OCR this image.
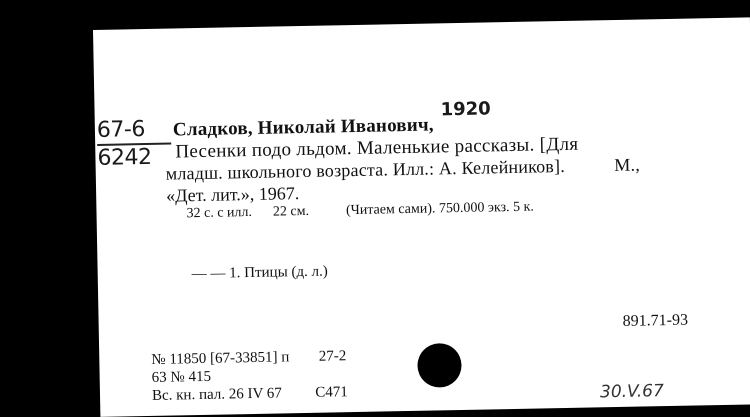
67-6
6242
1920
Сладков, Николай Иванович,
Песенки подо льдом. Маленькие рассказы. [Для
младш. школьного возраста. Илл.: А. Келейников].	М.,
«Дет. лит.», 1967.
32 с. с илл. 22 см.	(Читаем сами). 750.000 экз. 5 к.
— — 1. Птицы (д. л.)
891.71-93
№ 11850 [67-33851] п 27-2
63 № 415
Вс. кн. пал. 26 IV 67 С471	30.V.67
